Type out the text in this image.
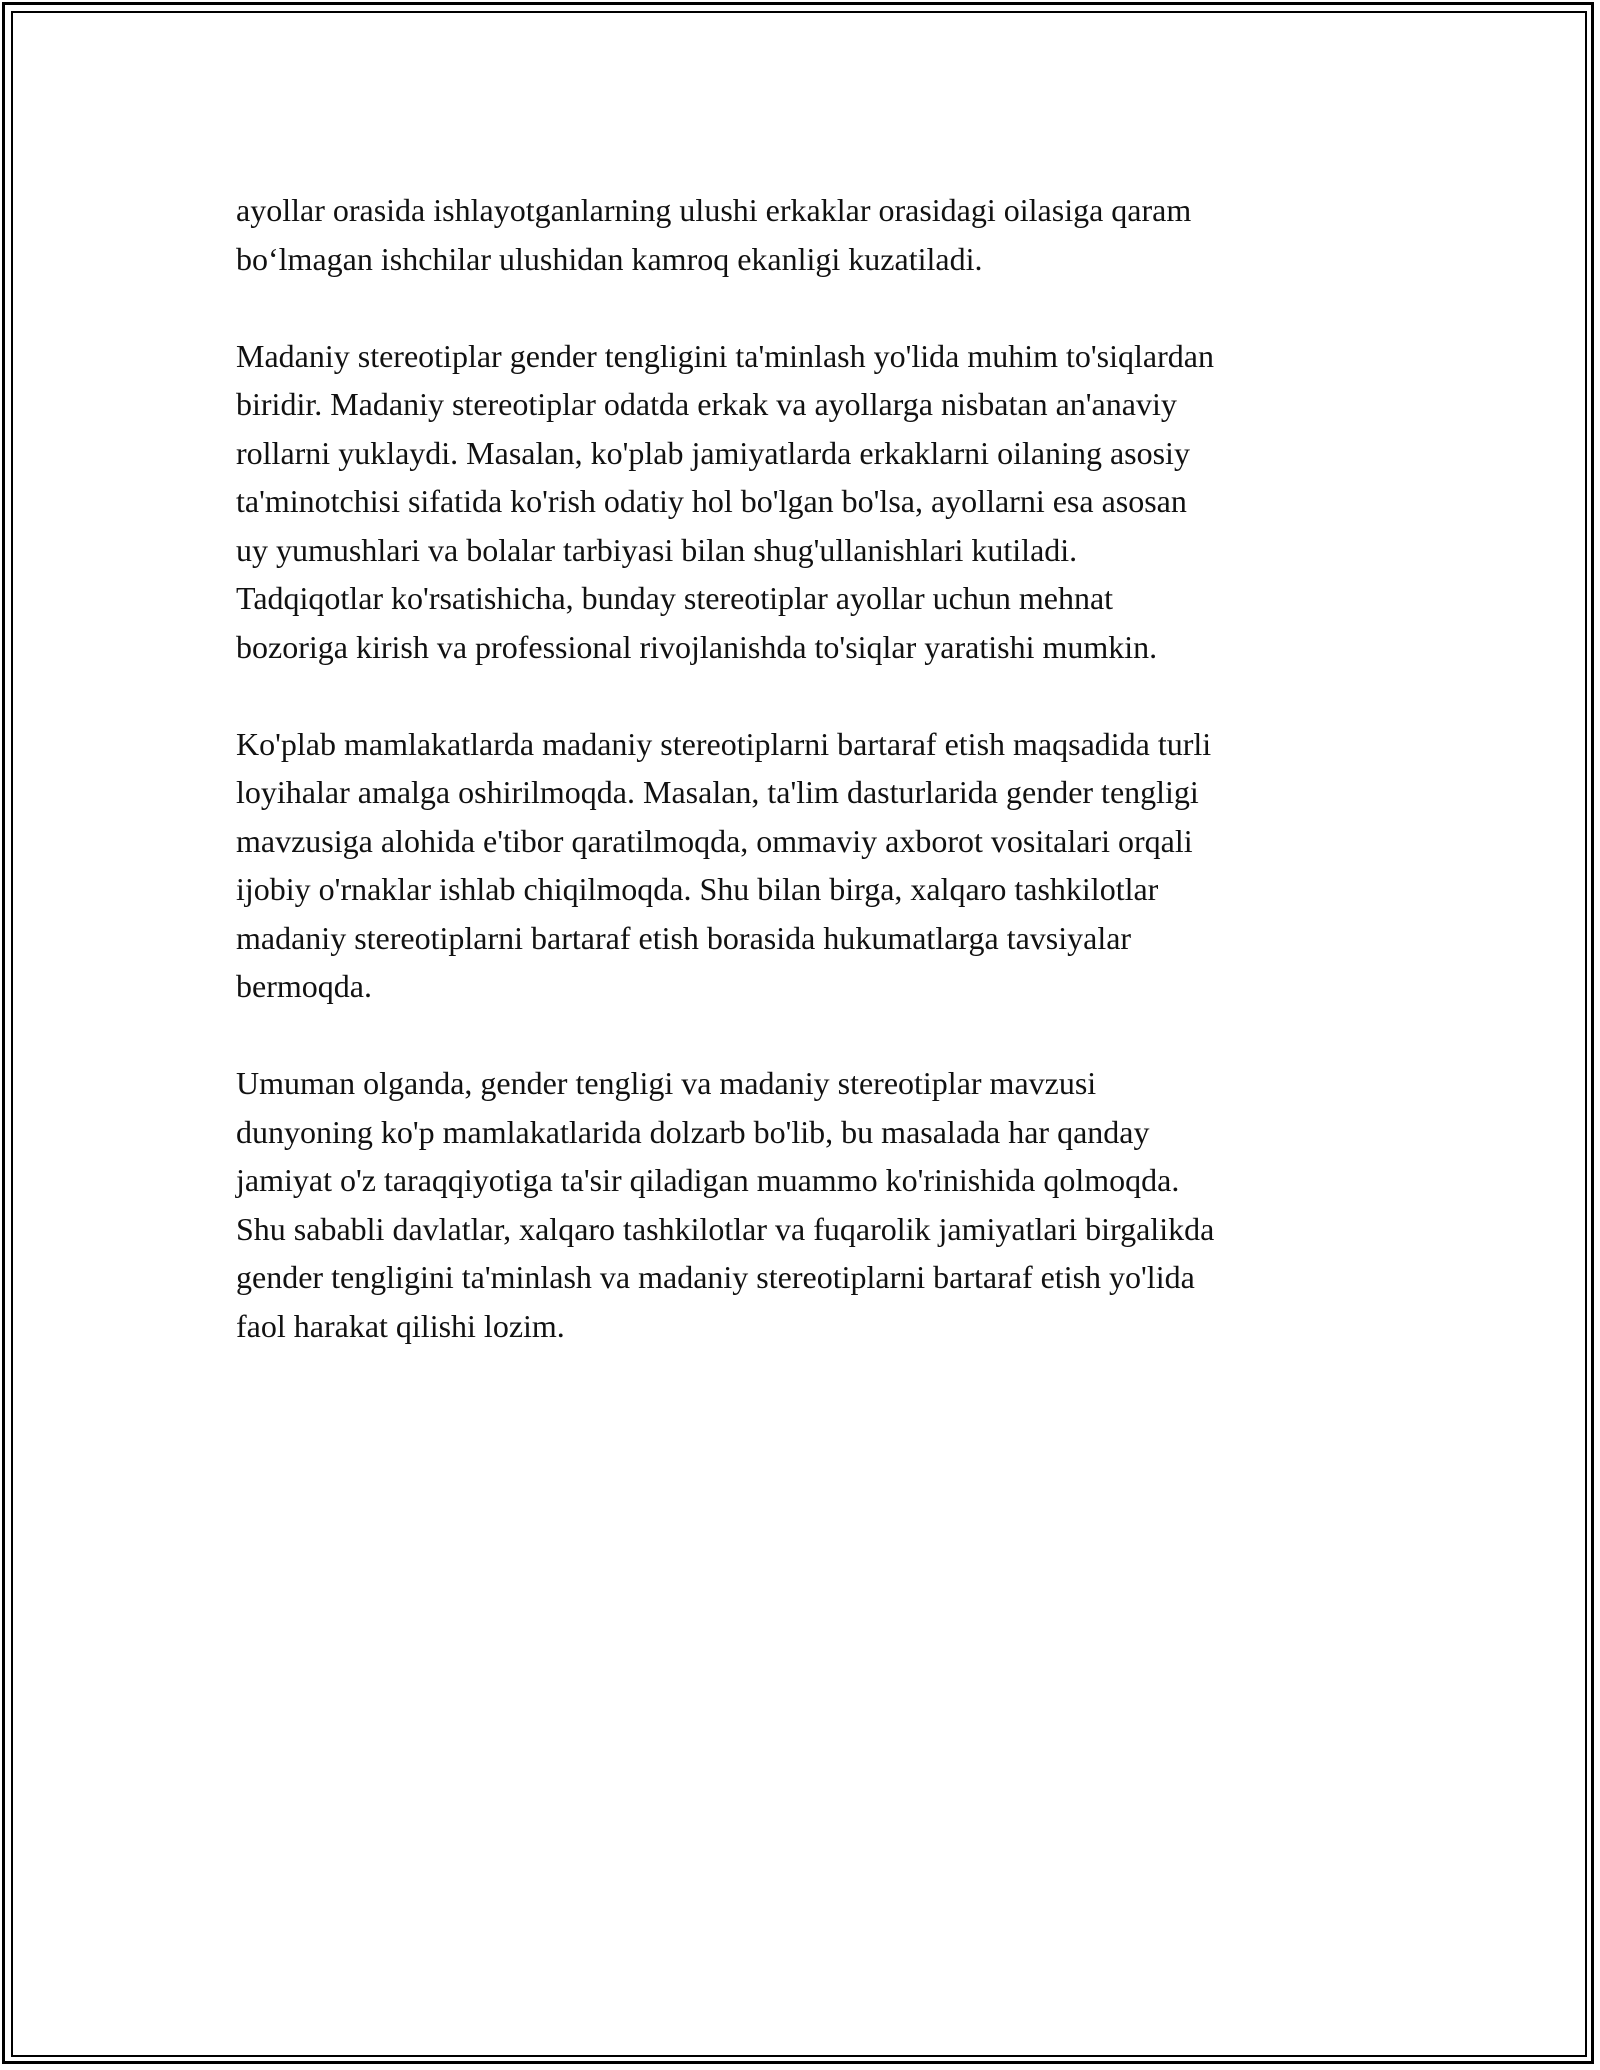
ayollar orasida ishlayotganlarning ulushi erkaklar orasidagi oilasiga qaram
bo‘lmagan ishchilar ulushidan kamroq ekanligi kuzatiladi.

Madaniy stereotiplar gender tengligini ta'minlash yo'lida muhim to'siqlardan
biridir. Madaniy stereotiplar odatda erkak va ayollarga nisbatan an'anaviy
rollarni yuklaydi. Masalan, ko'plab jamiyatlarda erkaklarni oilaning asosiy
ta'minotchisi sifatida ko'rish odatiy hol bo'lgan bo'lsa, ayollarni esa asosan
uy yumushlari va bolalar tarbiyasi bilan shug'ullanishlari kutiladi.
Tadqiqotlar ko'rsatishicha, bunday stereotiplar ayollar uchun mehnat
bozoriga kirish va professional rivojlanishda to'siqlar yaratishi mumkin.

Ko'plab mamlakatlarda madaniy stereotiplarni bartaraf etish maqsadida turli
loyihalar amalga oshirilmoqda. Masalan, ta'lim dasturlarida gender tengligi
mavzusiga alohida e'tibor qaratilmoqda, ommaviy axborot vositalari orqali
ijobiy o'rnaklar ishlab chiqilmoqda. Shu bilan birga, xalqaro tashkilotlar
madaniy stereotiplarni bartaraf etish borasida hukumatlarga tavsiyalar
bermoqda.

Umuman olganda, gender tengligi va madaniy stereotiplar mavzusi
dunyoning ko'p mamlakatlarida dolzarb bo'lib, bu masalada har qanday
jamiyat o'z taraqqiyotiga ta'sir qiladigan muammo ko'rinishida qolmoqda.
Shu sababli davlatlar, xalqaro tashkilotlar va fuqarolik jamiyatlari birgalikda
gender tengligini ta'minlash va madaniy stereotiplarni bartaraf etish yo'lida
faol harakat qilishi lozim.
